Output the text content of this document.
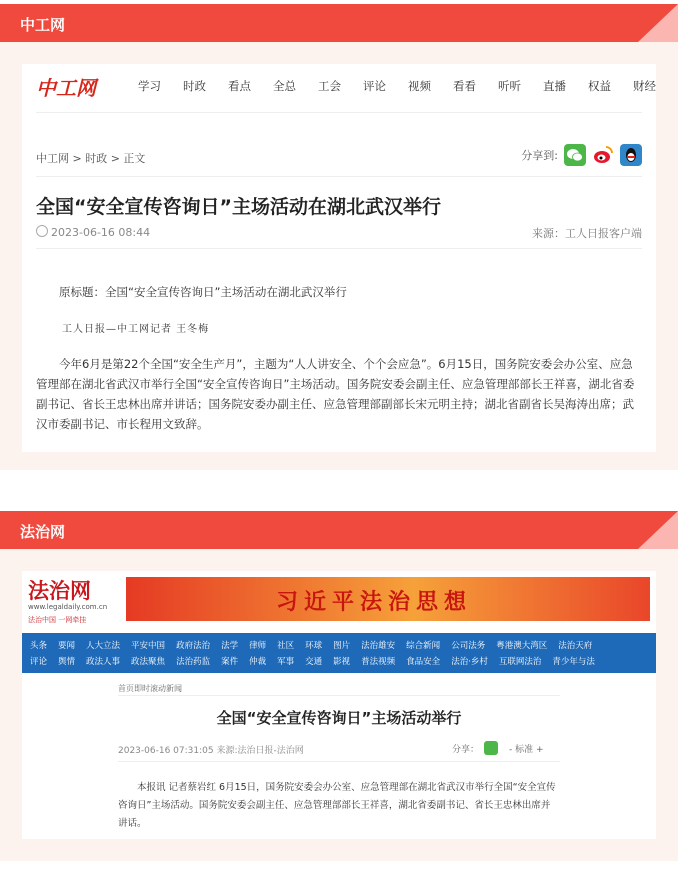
中工网
中工网	学习 时政 看点 全总 工会 评论 视频 看看 听听 直播 权益 财经
中工网 > 时政 > 正文	分享到:
全国“安全宣传咨询日”主场活动在湖北武汉举行
2023-06-16 08:44	来源：工人日报客户端
原标题：全国“安全宣传咨询日”主场活动在湖北武汉举行
工人日报—中工网记者 王冬梅
今年6月是第22个全国“安全生产月”，主题为“人人讲安全、个个会应急”。6月15日，国务院安委会办公室、应急管理部在湖北省武汉市举行全国“安全宣传咨询日”主场活动。国务院安委会副主任、应急管理部部长王祥喜，湖北省委副书记、省长王忠林出席并讲话；国务院安委办副主任、应急管理部副部长宋元明主持；湖北省副省长吴海涛出席；武汉市委副书记、市长程用文致辞。
法治网
法治网
www.legaldaily.com.cn
法治中国 一网牵挂
习近平法治思想
头条 要闻 人大立法 平安中国 政府法治 法学 律师 社区 环球 图片 法治雄安 综合新闻 公司法务 粤港澳大湾区 法治天府
评论 舆情 政法人事 政法聚焦 法治药监 案件 仲裁 军事 交通 影视 普法视频 食品安全 法治·乡村 互联网法治 青少年与法
首页即时滚动新闻
全国“安全宣传咨询日”主场活动举行
2023-06-16 07:31:05 来源:法治日报-法治网	分享：	- 标准 +
本报讯 记者蔡岩红 6月15日，国务院安委会办公室、应急管理部在湖北省武汉市举行全国“安全宣传咨询日”主场活动。国务院安委会副主任、应急管理部部长王祥喜，湖北省委副书记、省长王忠林出席并讲话。
